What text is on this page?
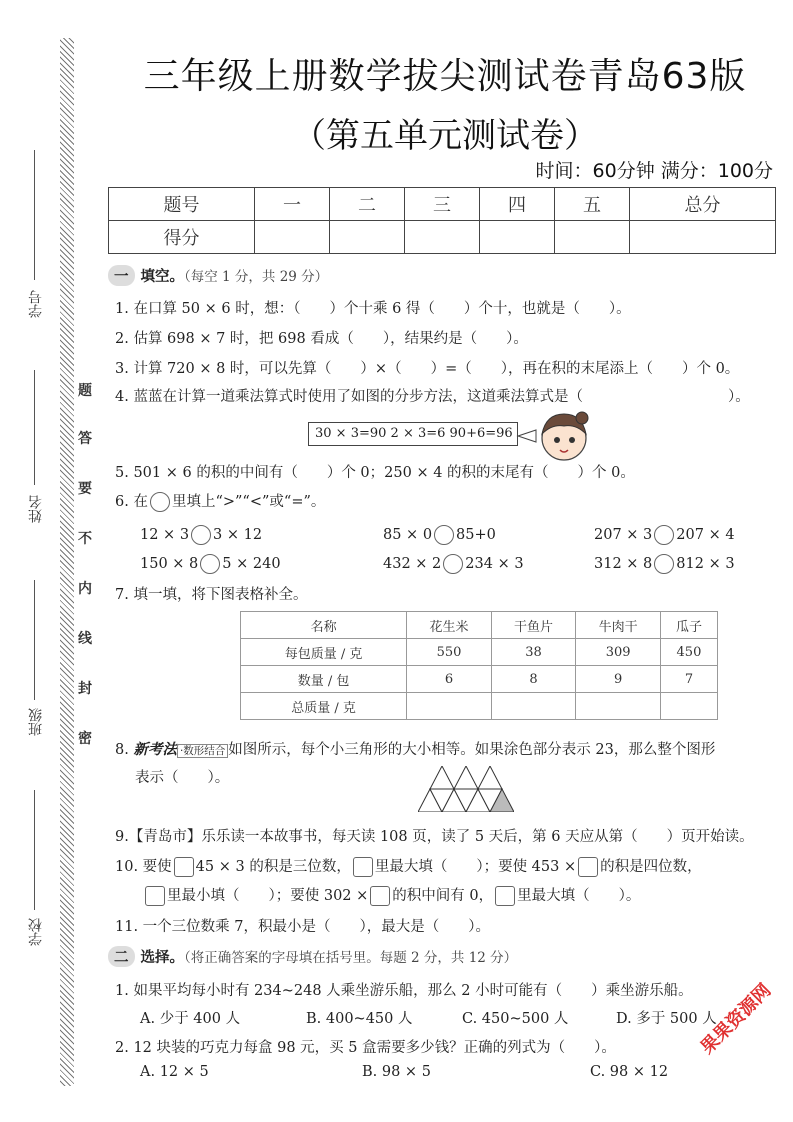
学号
姓名
班级
学校
题
答
要
不
内
线
封
密
三年级上册数学拔尖测试卷青岛63版
（第五单元测试卷）
时间：60分钟 满分：100分
题号	一	二	三	四	五	总分
得分						
一 填空。（每空 1 分，共 29 分）
1. 在口算 50 × 6 时，想：（　　）个十乘 6 得（　　）个十，也就是（　　）。
2. 估算 698 × 7 时，把 698 看成（　　），结果约是（　　）。
3. 计算 720 × 8 时，可以先算（　　）×（　　）=（　　），再在积的末尾添上（　　）个 0。
4. 蓝蓝在计算一道乘法算式时使用了如图的分步方法，这道乘法算式是（　　　　　　　　　　）。
30 × 3=90 2 × 3=6 90+6=96
5. 501 × 6 的积的中间有（　　）个 0；250 × 4 的积的末尾有（　　）个 0。
6. 在 里填上“>”“<”或“=”。
12 × 3 3 × 12	85 × 0 85+0	207 × 3 207 × 4
150 × 8 5 × 240	432 × 2 234 × 3	312 × 8 812 × 3
7. 填一填，将下图表格补全。
名称	花生米	干鱼片	牛肉干	瓜子
每包质量 / 克	550	38	309	450
数量 / 包	6	8	9	7
总质量 / 克				
8. 新考法 ·数形结合 如图所示，每个小三角形的大小相等。如果涂色部分表示 23，那么整个图形
表示（　　）。
9.【青岛市】乐乐读一本故事书，每天读 108 页，读了 5 天后，第 6 天应从第（　　）页开始读。
10. 要使 45 × 3 的积是三位数， 里最大填（　　）；要使 453 × 的积是四位数，
里最小填（　　）；要使 302 × 的积中间有 0， 里最大填（　　）。
11. 一个三位数乘 7，积最小是（　　），最大是（　　）。
二 选择。（将正确答案的字母填在括号里。每题 2 分，共 12 分）
1. 如果平均每小时有 234~248 人乘坐游乐船，那么 2 小时可能有（　　）乘坐游乐船。
A. 少于 400 人	B. 400~450 人	C. 450~500 人	D. 多于 500 人
2. 12 块装的巧克力每盒 98 元，买 5 盒需要多少钱？正确的列式为（　　）。
A. 12 × 5	B. 98 × 5	C. 98 × 12
果果资源网
